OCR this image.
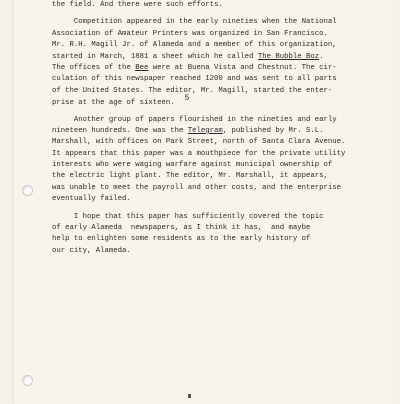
the field. And there were such efforts.
Competition appeared in the early nineties when the National
Association of Amateur Printers was organized in San Francisco.
Mr. R.H. Magill Jr. of Alameda and a member of this organization,
started in March, 1881 a sheet which he called The Bubble Boz.
The offices of the Bee were at Buena Vista and Chestnut. The cir-
culation of this newspaper reached 1200 and was sent to all parts
of the United States. The editor, Mr. Magill, started the enter-
prise at the age of sixteen. 5
Another group of papers flourished in the nineties and early
nineteen hundreds. One was the Telegram, published by Mr. S.L.
Marshall, with offices on Park Street, north of Santa Clara Avenue.
It appears that this paper was a mouthpiece for the private utility
interests who were waging warfare against municipal ownership of
the electric light plant. The editor, Mr. Marshall, it appears,
was unable to meet the payroll and other costs, and the enterprise
eventually failed.
I hope that this paper has sufficiently covered the topic
of early Alameda  newspapers, as I think it has,  and maybe
help to enlighten some residents as to the early history of
our city, Alameda.
